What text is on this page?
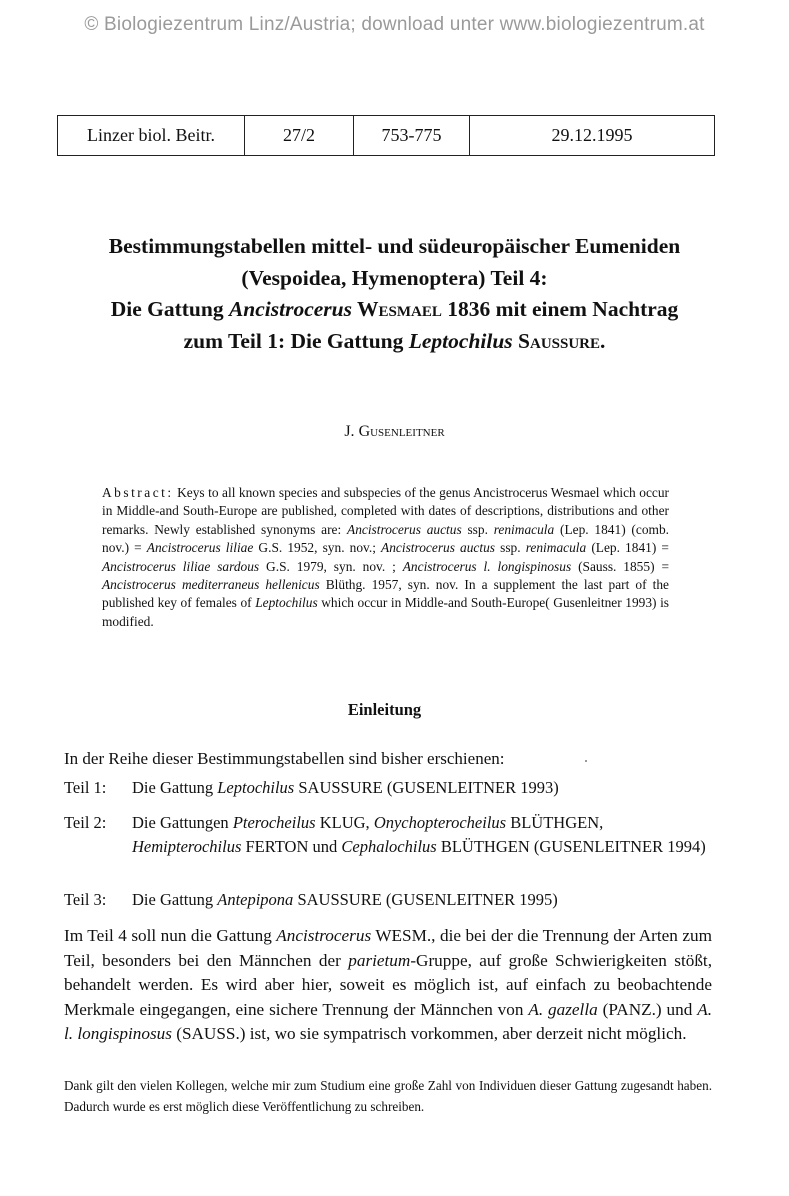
© Biologiezentrum Linz/Austria; download unter www.biologiezentrum.at
Linzer biol. Beitr.	27/2	753-775	29.12.1995
Bestimmungstabellen mittel- und südeuropäischer Eumeniden
(Vespoidea, Hymenoptera) Teil 4:
Die Gattung Ancistrocerus Wesmael 1836 mit einem Nachtrag
zum Teil 1: Die Gattung Leptochilus Saussure.
J. Gusenleitner
Abstract: Keys to all known species and subspecies of the genus Ancistrocerus Wesmael which occur in Middle-and South-Europe are published, completed with dates of descriptions, distributions and other remarks. Newly established synonyms are: Ancistrocerus auctus ssp. renimacula (Lep. 1841) (comb. nov.) = Ancistrocerus liliae G.S. 1952, syn. nov.; Ancistrocerus auctus ssp. renimacula (Lep. 1841) = Ancistrocerus liliae sardous G.S. 1979, syn. nov. ; Ancistrocerus l. longispinosus (Sauss. 1855) = Ancistrocerus mediterraneus hellenicus Blüthg. 1957, syn. nov. In a supplement the last part of the published key of females of Leptochilus which occur in Middle-and South-Europe( Gusenleitner 1993) is modified.
Einleitung
In der Reihe dieser Bestimmungstabellen sind bisher erschienen:
Teil 1: Die Gattung Leptochilus SAUSSURE (GUSENLEITNER 1993)
Teil 2: Die Gattungen Pterocheilus KLUG, Onychopterocheilus BLÜTHGEN,
Hemipterochilus FERTON und Cephalochilus BLÜTHGEN (GUSENLEITNER 1994)
Teil 3: Die Gattung Antepipona SAUSSURE (GUSENLEITNER 1995)
Im Teil 4 soll nun die Gattung Ancistrocerus WESM., die bei der die Trennung der Arten zum Teil, besonders bei den Männchen der parietum-Gruppe, auf große Schwierigkeiten stößt, behandelt werden. Es wird aber hier, soweit es möglich ist, auf einfach zu beobachtende Merkmale eingegangen, eine sichere Trennung der Männchen von A. gazella (PANZ.) und A. l. longispinosus (SAUSS.) ist, wo sie sympatrisch vorkommen, aber derzeit nicht möglich.
Dank gilt den vielen Kollegen, welche mir zum Studium eine große Zahl von Individuen dieser Gattung zugesandt haben. Dadurch wurde es erst möglich diese Veröffentlichung zu schreiben.
